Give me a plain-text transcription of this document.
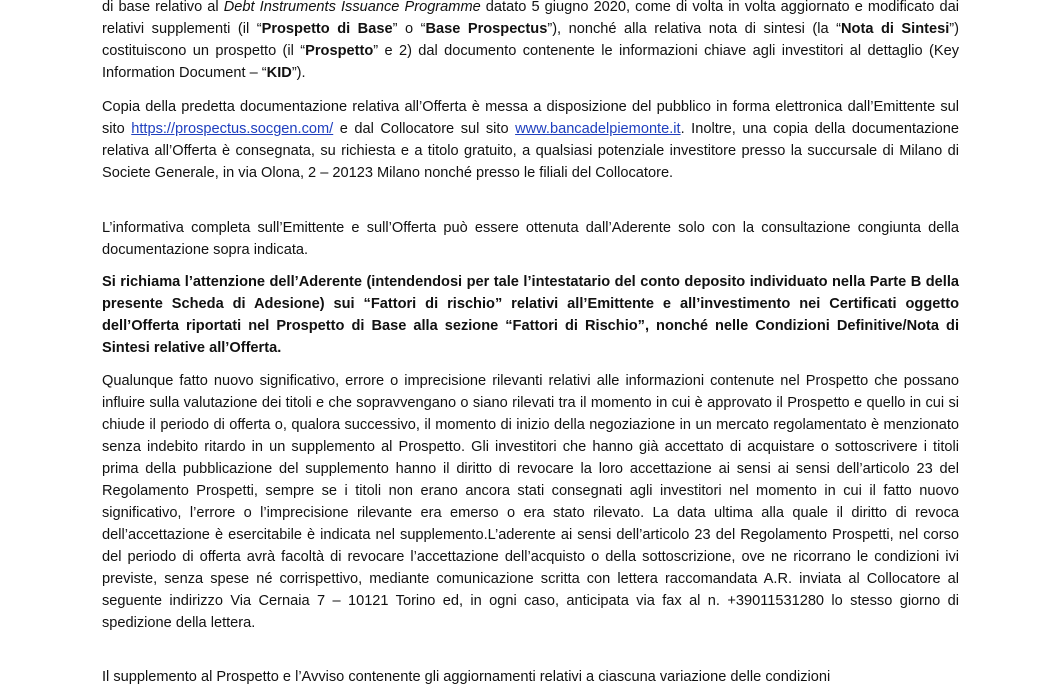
di base relativo al Debt Instruments Issuance Programme datato 5 giugno 2020, come di volta in volta aggiornato e modificato dai relativi supplementi (il “Prospetto di Base” o “Base Prospectus”), nonché alla relativa nota di sintesi (la “Nota di Sintesi”) costituiscono un prospetto (il “Prospetto” e 2) dal documento contenente le informazioni chiave agli investitori al dettaglio (Key Information Document – “KID”).

Copia della predetta documentazione relativa all’Offerta è messa a disposizione del pubblico in forma elettronica dall’Emittente sul sito https://prospectus.socgen.com/ e dal Collocatore sul sito www.bancadelpiemonte.it. Inoltre, una copia della documentazione relativa all’Offerta è consegnata, su richiesta e a titolo gratuito, a qualsiasi potenziale investitore presso la succursale di Milano di Societe Generale, in via Olona, 2 – 20123 Milano nonché presso le filiali del Collocatore.

L’informativa completa sull’Emittente e sull’Offerta può essere ottenuta dall’Aderente solo con la consultazione congiunta della documentazione sopra indicata.

Si richiama l’attenzione dell’Aderente (intendendosi per tale l’intestatario del conto deposito individuato nella Parte B della presente Scheda di Adesione) sui “Fattori di rischio” relativi all’Emittente e all’investimento nei Certificati oggetto dell’Offerta riportati nel Prospetto di Base alla sezione “Fattori di Rischio”, nonché nelle Condizioni Definitive/Nota di Sintesi relative all’Offerta.

Qualunque fatto nuovo significativo, errore o imprecisione rilevanti relativi alle informazioni contenute nel Prospetto che possano influire sulla valutazione dei titoli e che sopravvengano o siano rilevati tra il momento in cui è approvato il Prospetto e quello in cui si chiude il periodo di offerta o, qualora successivo, il momento di inizio della negoziazione in un mercato regolamentato è menzionato senza indebito ritardo in un supplemento al Prospetto. Gli investitori che hanno già accettato di acquistare o sottoscrivere i titoli prima della pubblicazione del supplemento hanno il diritto di revocare la loro accettazione ai sensi ai sensi dell’articolo 23 del Regolamento Prospetti, sempre se i titoli non erano ancora stati consegnati agli investitori nel momento in cui il fatto nuovo significativo, l’errore o l’imprecisione rilevante era emerso o era stato rilevato. La data ultima alla quale il diritto di revoca dell’accettazione è esercitabile è indicata nel supplemento.L’aderente ai sensi dell’articolo 23 del Regolamento Prospetti, nel corso del periodo di offerta avrà facoltà di revocare l’accettazione dell’acquisto o della sottoscrizione, ove ne ricorrano le condizioni ivi previste, senza spese né corrispettivo, mediante comunicazione scritta con lettera raccomandata A.R. inviata al Collocatore al seguente indirizzo Via Cernaia 7 – 10121 Torino ed, in ogni caso, anticipata via fax al n. +39011531280 lo stesso giorno di spedizione della lettera.

Il supplemento al Prospetto e l’Avviso contenente gli aggiornamenti relativi a ciascuna variazione delle condizioni
